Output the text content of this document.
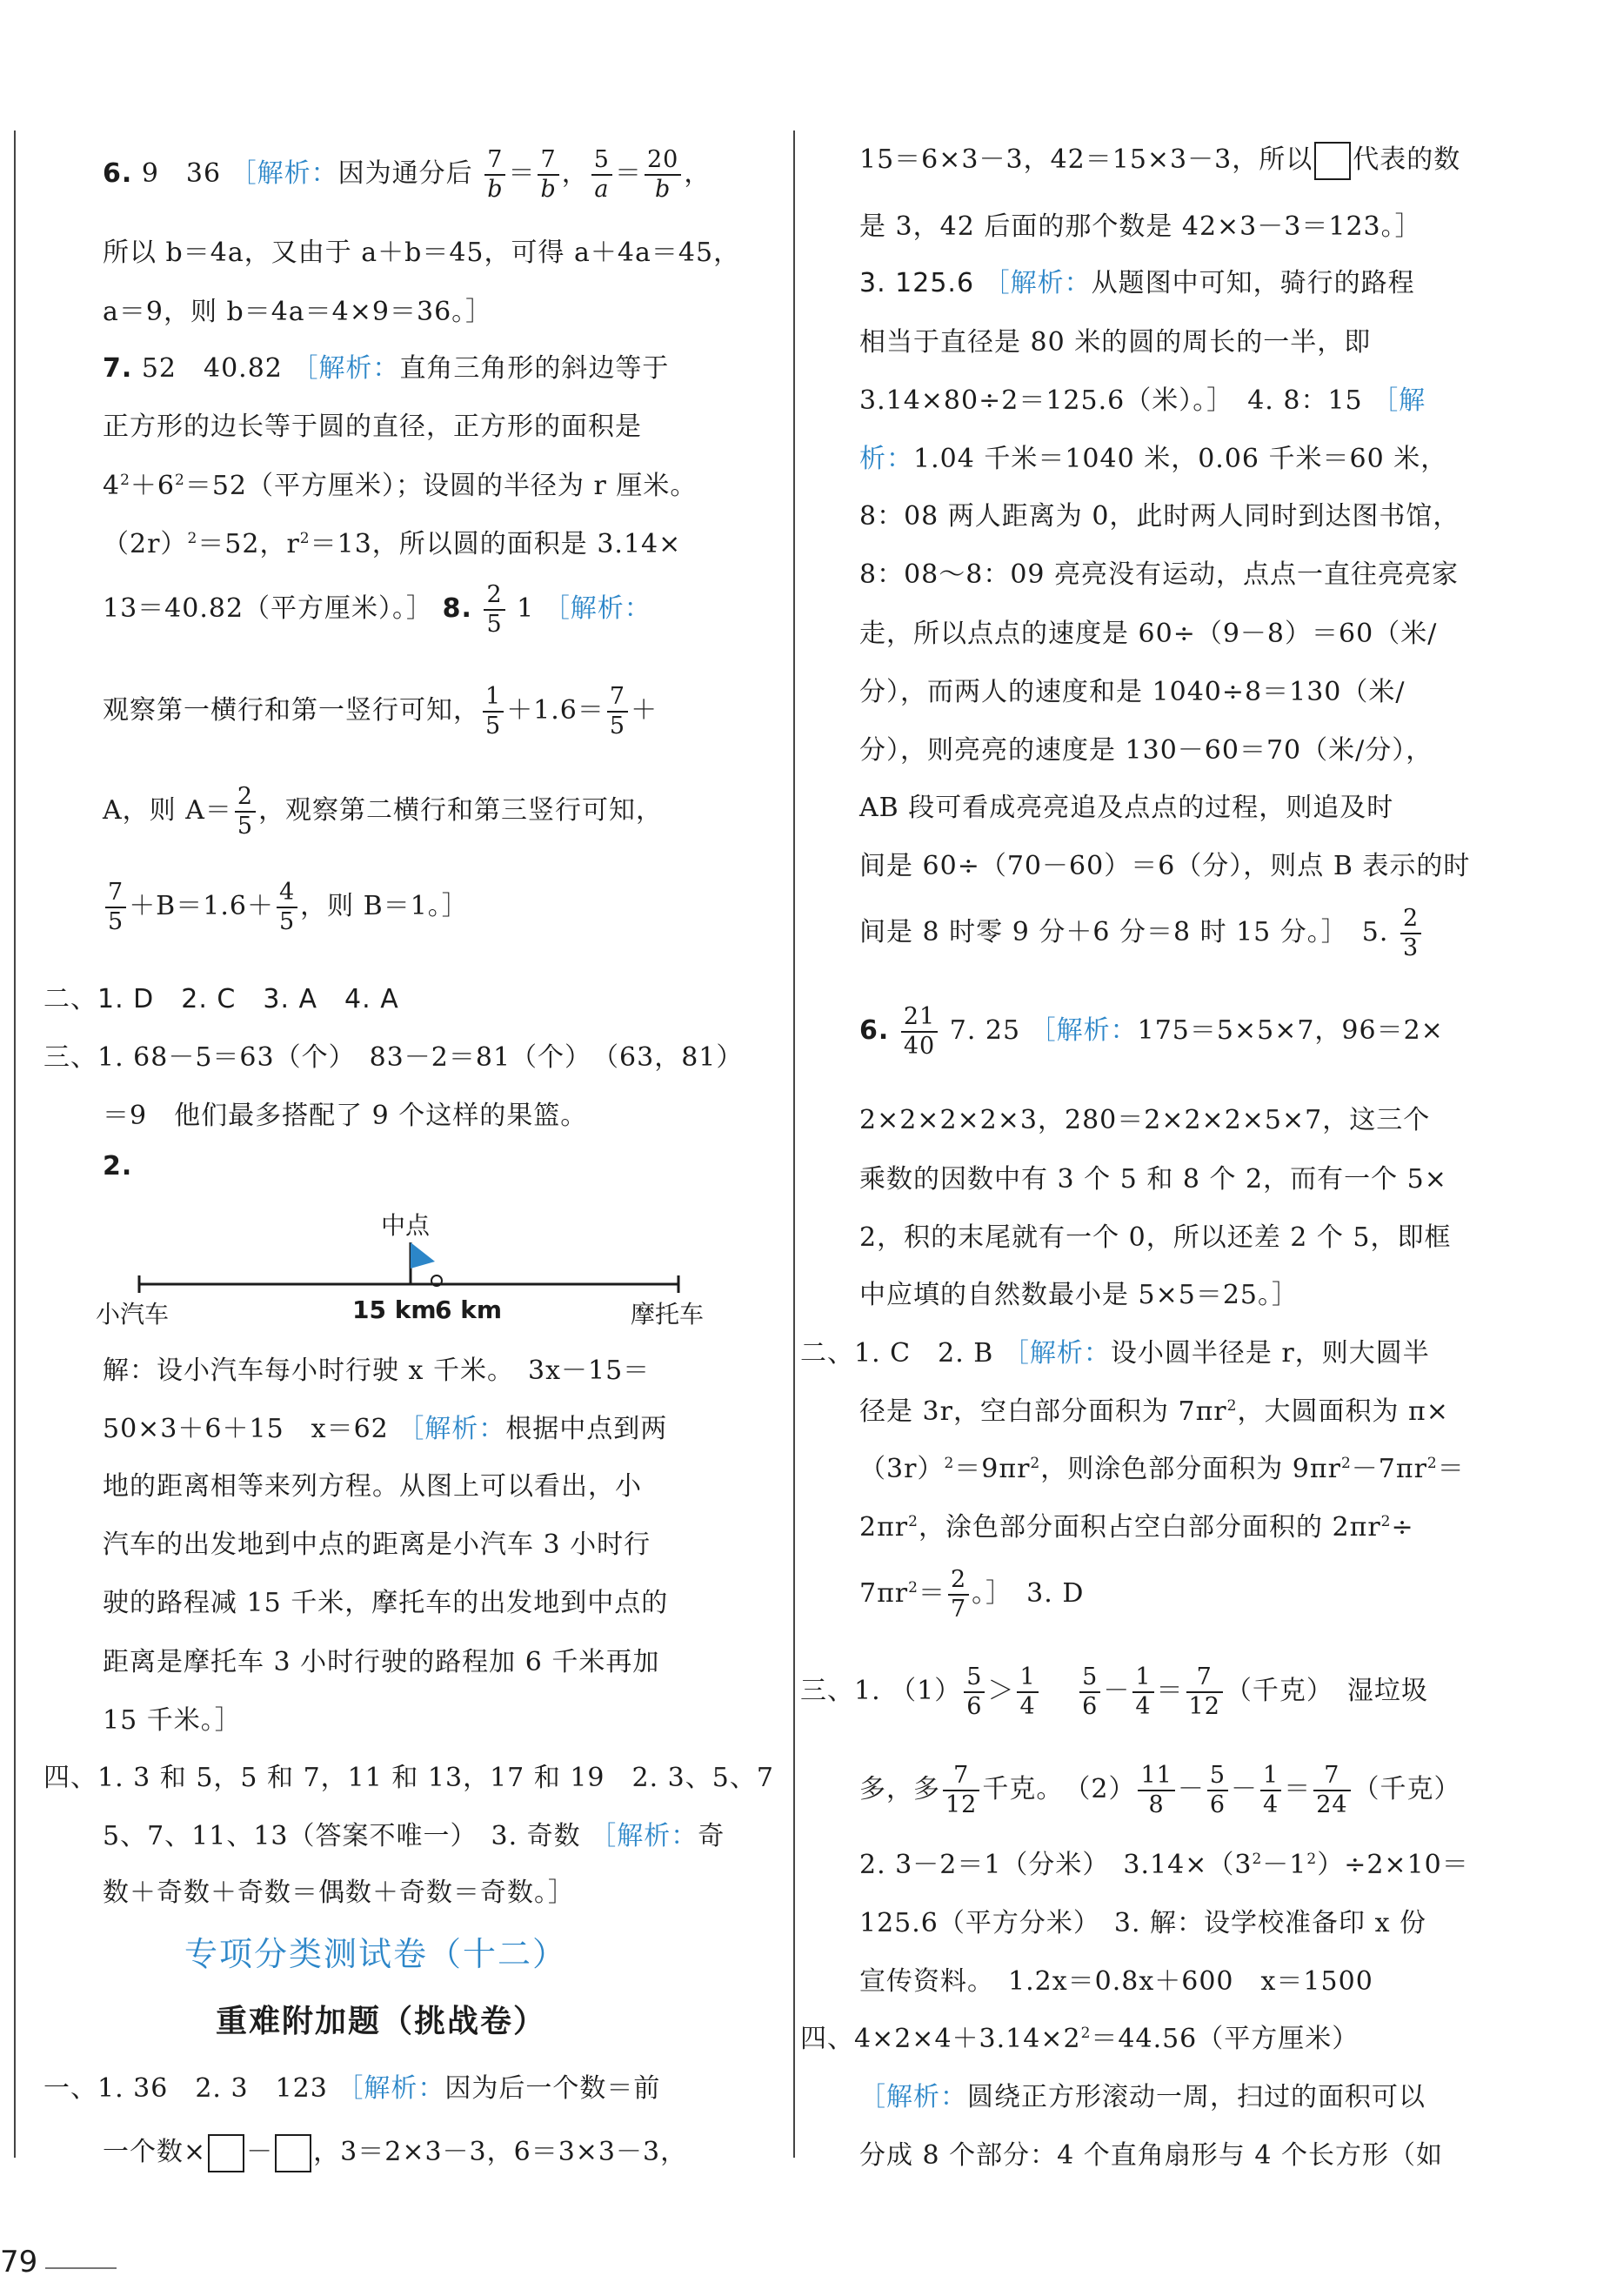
6. 9　36 ［解析：因为通分后 $\frac{7}{b} = \frac{7}{b}$ ， $\frac{5}{a} = \frac{20}{b}$ ，
所以 b＝4a，又由于 a＋b＝45，可得 a＋4a＝45，
a＝9，则 b＝4a＝4×9＝36。］
7. 52　40.82 ［解析：直角三角形的斜边等于
正方形的边长等于圆的直径，正方形的面积是
$4^2+6^2=52$（平方厘米）；设圆的半径为 r 厘米。
$(2r)^2=52$，$r^2=13$，所以圆的面积是 3.14×
13＝40.82（平方厘米）。］ 8. $\frac{2}{5} 1$ ［解析：
观察第一横行和第一竖行可知， $\frac{1}{5} +1.6= \frac{7}{5}$ ＋
A，则 $A= \frac{2}{5}$ ，观察第二横行和第三竖行可知，
$\frac{7}{5} +B=1.6+ \frac{4}{5}$ ，则 B＝1。］
二、1. D　2. C　3. A　4. A
三、1. 68－5＝63（个）　83－2＝81（个）　（63，81）
＝9　他们最多搭配了 9 个这样的果篮。
2.
中点
小汽车	15 km
6 km	摩托车
解：设小汽车每小时行驶 x 千米。　3x－15＝
50×3＋6＋15　x＝62 ［解析：根据中点到两
地的距离相等来列方程。从图上可以看出，小
汽车的出发地到中点的距离是小汽车 3 小时行
驶的路程减 15 千米，摩托车的出发地到中点的
距离是摩托车 3 小时行驶的路程加 6 千米再加
15 千米。］
四、1. 3 和 5，5 和 7，11 和 13，17 和 19　2. 3、5、7
5、7、11、13（答案不唯一）　3. 奇数 ［解析：奇
数＋奇数＋奇数＝偶数＋奇数＝奇数。］
专项分类测试卷（十二）
重难附加题（挑战卷）
一、1. 36　2. 3　123 ［解析：因为后一个数＝前
一个数× － ，3＝2×3－3，6＝3×3－3，
15＝6×3－3，42＝15×3－3，所以 代表的数
是 3，42 后面的那个数是 42×3－3＝123。］
3. 125.6 ［解析：从题图中可知，骑行的路程
相当于直径是 80 米的圆的周长的一半，即
3.14×80÷2＝125.6（米）。］　4. 8：15 ［解
析：1.04 千米＝1040 米，0.06 千米＝60 米，
8：08 两人距离为 0，此时两人同时到达图书馆，
8：08～8：09 亮亮没有运动，点点一直往亮亮家
走，所以点点的速度是 60÷（9－8）＝60（米/
分），而两人的速度和是 1040÷8＝130（米/
分），则亮亮的速度是 130－60＝70（米/分），
AB 段可看成亮亮追及点点的过程，则追及时
间是 60÷（70－60）＝6（分），则点 B 表示的时
间是 8 时零 9 分＋6 分＝8 时 15 分。］　5. $\frac{2}{3}$
6. $\frac{21}{40} 7$. 25 ［解析：175＝5×5×7，96＝2×
2×2×2×2×3，280＝2×2×2×5×7，这三个
乘数的因数中有 3 个 5 和 8 个 2，而有一个 5×
2，积的末尾就有一个 0，所以还差 2 个 5，即框
中应填的自然数最小是 5×5＝25。］
二、1. C　2. B ［解析：设小圆半径是 r，则大圆半
径是 3r，空白部分面积为 $7\pi r^2$，大圆面积为 π×
$(3r)^2=9\pi r^2$，则涂色部分面积为 $9\pi r^2-7\pi r^2=$
$2\pi r^2$，涂色部分面积占空白部分面积的 $2\pi r^2\div$
$7\pi r^2= \frac{2}{7}$ 。］　3. D
三、1. $(1) \frac{5}{6} > \frac{1}{4}$
　 $\frac{5}{6} - \frac{1}{4} = \frac{7}{12}$ （千克）　湿垃圾
多，多 $\frac{7}{12}$ 千克。　$(2) \frac{11}{8} - \frac{5}{6} - \frac{1}{4} = \frac{7}{24}$ （千克）
2. 3－2＝1（分米）　$3.14\times(3^2-1^2)\div 2\times 10=$
125.6（平方分米）　3. 解：设学校准备印 x 份
宣传资料。　1.2x＝0.8x＋600　x＝1500
四、$4\times 2\times 4+3.14\times 2^2=44.56$（平方厘米）
［解析：圆绕正方形滚动一周，扫过的面积可以
分成 8 个部分：4 个直角扇形与 4 个长方形（如
79
